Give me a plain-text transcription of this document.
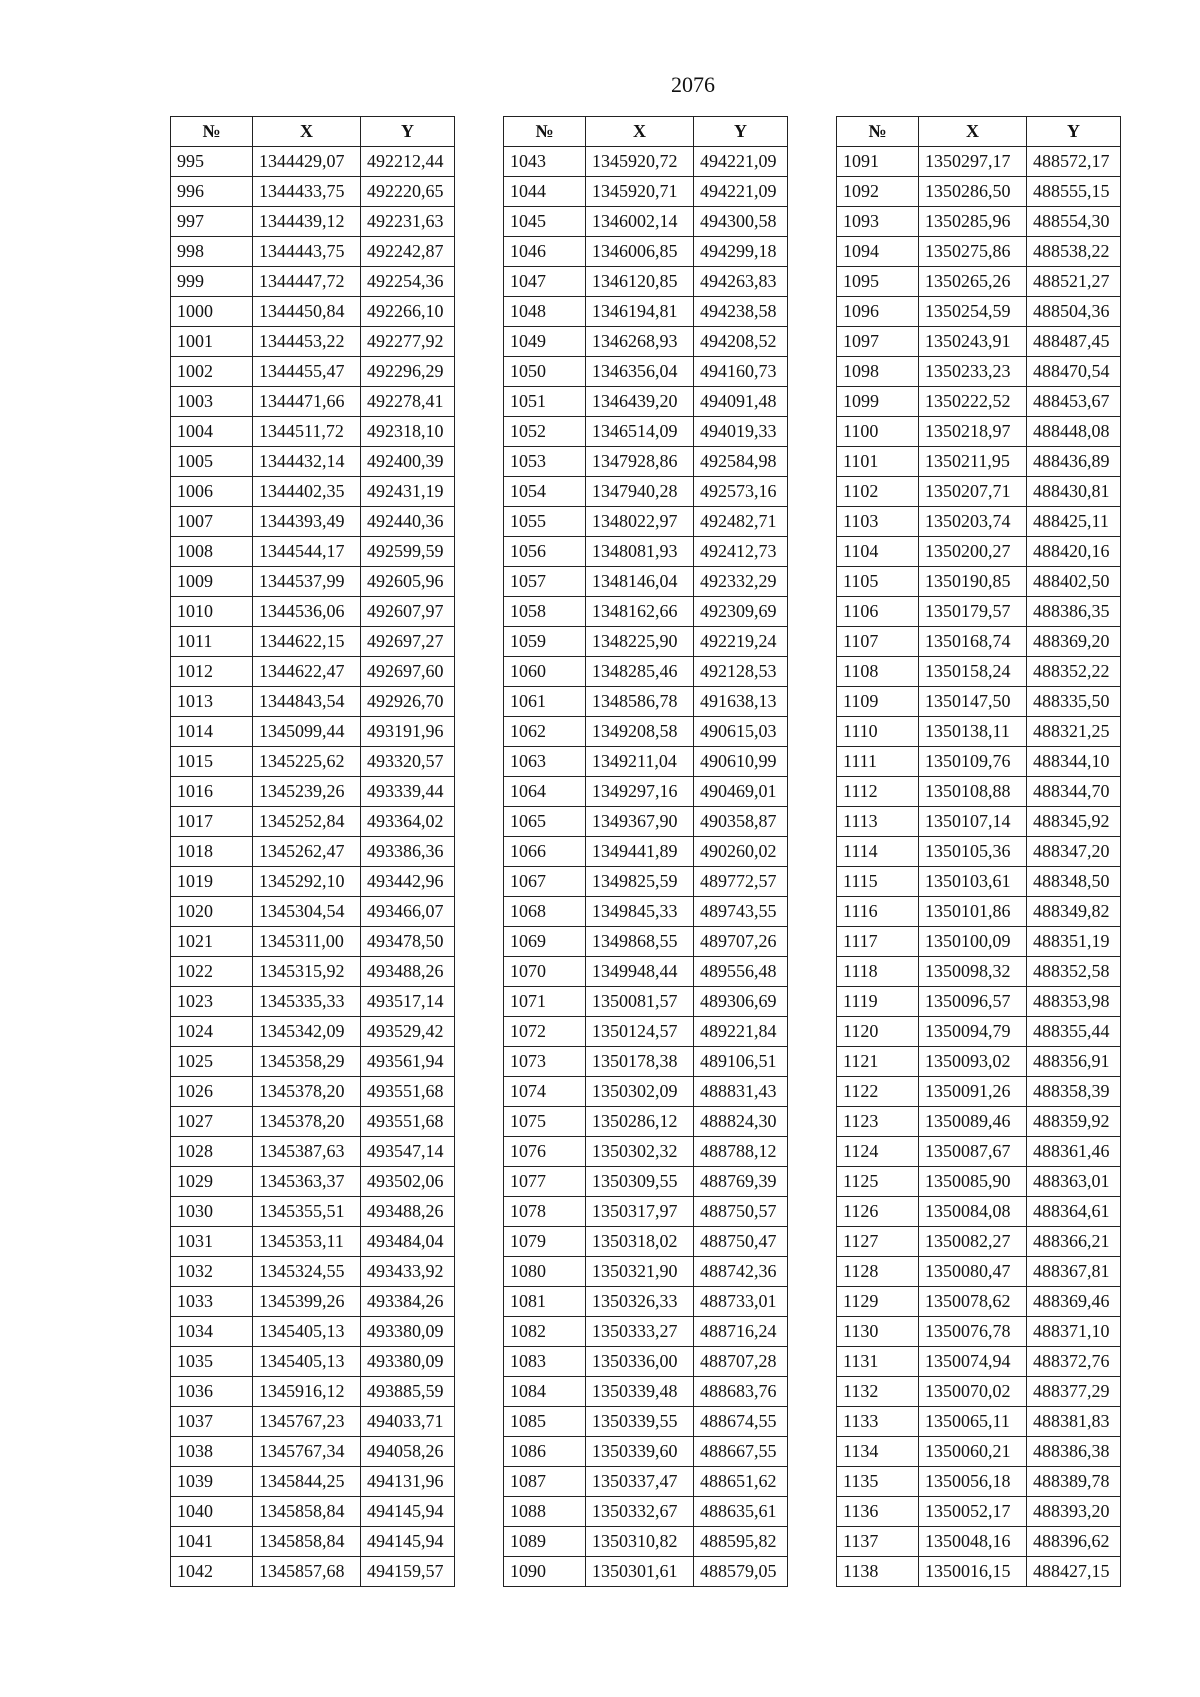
2076
№	X	Y
995	1344429,07	492212,44
996	1344433,75	492220,65
997	1344439,12	492231,63
998	1344443,75	492242,87
999	1344447,72	492254,36
1000	1344450,84	492266,10
1001	1344453,22	492277,92
1002	1344455,47	492296,29
1003	1344471,66	492278,41
1004	1344511,72	492318,10
1005	1344432,14	492400,39
1006	1344402,35	492431,19
1007	1344393,49	492440,36
1008	1344544,17	492599,59
1009	1344537,99	492605,96
1010	1344536,06	492607,97
1011	1344622,15	492697,27
1012	1344622,47	492697,60
1013	1344843,54	492926,70
1014	1345099,44	493191,96
1015	1345225,62	493320,57
1016	1345239,26	493339,44
1017	1345252,84	493364,02
1018	1345262,47	493386,36
1019	1345292,10	493442,96
1020	1345304,54	493466,07
1021	1345311,00	493478,50
1022	1345315,92	493488,26
1023	1345335,33	493517,14
1024	1345342,09	493529,42
1025	1345358,29	493561,94
1026	1345378,20	493551,68
1027	1345378,20	493551,68
1028	1345387,63	493547,14
1029	1345363,37	493502,06
1030	1345355,51	493488,26
1031	1345353,11	493484,04
1032	1345324,55	493433,92
1033	1345399,26	493384,26
1034	1345405,13	493380,09
1035	1345405,13	493380,09
1036	1345916,12	493885,59
1037	1345767,23	494033,71
1038	1345767,34	494058,26
1039	1345844,25	494131,96
1040	1345858,84	494145,94
1041	1345858,84	494145,94
1042	1345857,68	494159,57
№	X	Y
1043	1345920,72	494221,09
1044	1345920,71	494221,09
1045	1346002,14	494300,58
1046	1346006,85	494299,18
1047	1346120,85	494263,83
1048	1346194,81	494238,58
1049	1346268,93	494208,52
1050	1346356,04	494160,73
1051	1346439,20	494091,48
1052	1346514,09	494019,33
1053	1347928,86	492584,98
1054	1347940,28	492573,16
1055	1348022,97	492482,71
1056	1348081,93	492412,73
1057	1348146,04	492332,29
1058	1348162,66	492309,69
1059	1348225,90	492219,24
1060	1348285,46	492128,53
1061	1348586,78	491638,13
1062	1349208,58	490615,03
1063	1349211,04	490610,99
1064	1349297,16	490469,01
1065	1349367,90	490358,87
1066	1349441,89	490260,02
1067	1349825,59	489772,57
1068	1349845,33	489743,55
1069	1349868,55	489707,26
1070	1349948,44	489556,48
1071	1350081,57	489306,69
1072	1350124,57	489221,84
1073	1350178,38	489106,51
1074	1350302,09	488831,43
1075	1350286,12	488824,30
1076	1350302,32	488788,12
1077	1350309,55	488769,39
1078	1350317,97	488750,57
1079	1350318,02	488750,47
1080	1350321,90	488742,36
1081	1350326,33	488733,01
1082	1350333,27	488716,24
1083	1350336,00	488707,28
1084	1350339,48	488683,76
1085	1350339,55	488674,55
1086	1350339,60	488667,55
1087	1350337,47	488651,62
1088	1350332,67	488635,61
1089	1350310,82	488595,82
1090	1350301,61	488579,05
№	X	Y
1091	1350297,17	488572,17
1092	1350286,50	488555,15
1093	1350285,96	488554,30
1094	1350275,86	488538,22
1095	1350265,26	488521,27
1096	1350254,59	488504,36
1097	1350243,91	488487,45
1098	1350233,23	488470,54
1099	1350222,52	488453,67
1100	1350218,97	488448,08
1101	1350211,95	488436,89
1102	1350207,71	488430,81
1103	1350203,74	488425,11
1104	1350200,27	488420,16
1105	1350190,85	488402,50
1106	1350179,57	488386,35
1107	1350168,74	488369,20
1108	1350158,24	488352,22
1109	1350147,50	488335,50
1110	1350138,11	488321,25
1111	1350109,76	488344,10
1112	1350108,88	488344,70
1113	1350107,14	488345,92
1114	1350105,36	488347,20
1115	1350103,61	488348,50
1116	1350101,86	488349,82
1117	1350100,09	488351,19
1118	1350098,32	488352,58
1119	1350096,57	488353,98
1120	1350094,79	488355,44
1121	1350093,02	488356,91
1122	1350091,26	488358,39
1123	1350089,46	488359,92
1124	1350087,67	488361,46
1125	1350085,90	488363,01
1126	1350084,08	488364,61
1127	1350082,27	488366,21
1128	1350080,47	488367,81
1129	1350078,62	488369,46
1130	1350076,78	488371,10
1131	1350074,94	488372,76
1132	1350070,02	488377,29
1133	1350065,11	488381,83
1134	1350060,21	488386,38
1135	1350056,18	488389,78
1136	1350052,17	488393,20
1137	1350048,16	488396,62
1138	1350016,15	488427,15
